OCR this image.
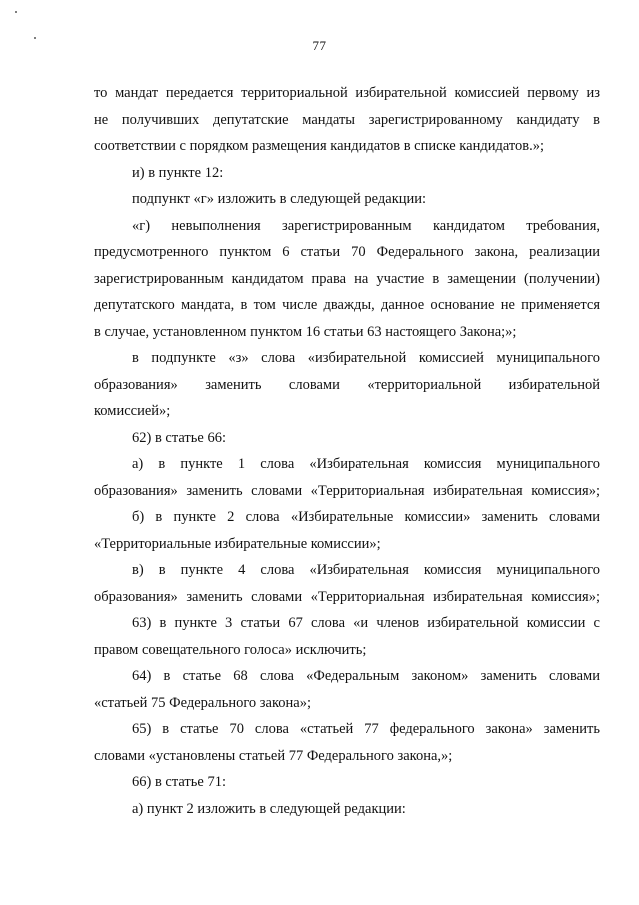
77
то мандат передается территориальной избирательной комиссией первому из
не получивших депутатские мандаты зарегистрированному кандидату в
соответствии с порядком размещения кандидатов в списке кандидатов.»;
и) в пункте 12:
подпункт «г» изложить в следующей редакции:
«г) невыполнения зарегистрированным кандидатом требования,
предусмотренного пунктом 6 статьи 70 Федерального закона, реализации
зарегистрированным кандидатом права на участие в замещении (получении)
депутатского мандата, в том числе дважды, данное основание не применяется
в случае, установленном пунктом 16 статьи 63 настоящего Закона;»;
в подпункте «з» слова «избирательной комиссией муниципального
образования» заменить словами «территориальной избирательной
комиссией»;
62) в статье 66:
а) в пункте 1 слова «Избирательная комиссия муниципального
образования» заменить словами «Территориальная избирательная комиссия»;
б) в пункте 2 слова «Избирательные комиссии» заменить словами
«Территориальные избирательные комиссии»;
в) в пункте 4 слова «Избирательная комиссия муниципального
образования» заменить словами «Территориальная избирательная комиссия»;
63) в пункте 3 статьи 67 слова «и членов избирательной комиссии с
правом совещательного голоса» исключить;
64) в статье 68 слова «Федеральным законом» заменить словами
«статьей 75 Федерального закона»;
65) в статье 70 слова «статьей 77 федерального закона» заменить
словами «установлены статьей 77 Федерального закона,»;
66) в статье 71:
а) пункт 2 изложить в следующей редакции:
